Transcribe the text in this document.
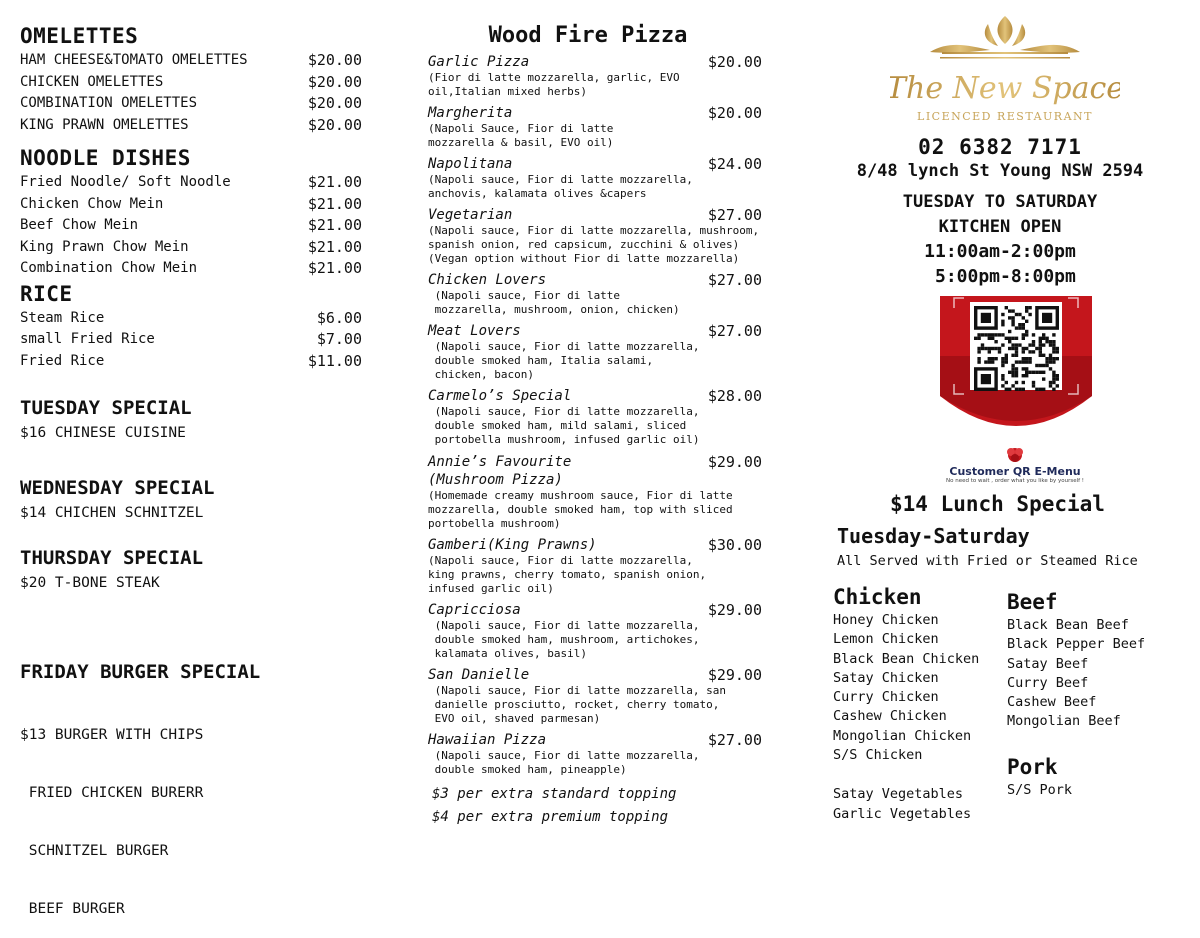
OMELETTES
HAM CHEESE&TOMATO OMELETTES	$20.00
CHICKEN OMELETTES	$20.00
COMBINATION OMELETTES	$20.00
KING PRAWN OMELETTES	$20.00
NOODLE DISHES
Fried Noodle/ Soft Noodle	$21.00
Chicken Chow Mein	$21.00
Beef Chow Mein	$21.00
King Prawn Chow Mein	$21.00
Combination Chow Mein	$21.00
RICE
Steam Rice	$6.00
small Fried Rice	$7.00
Fried Rice	$11.00
TUESDAY SPECIAL
$16 CHINESE CUISINE
WEDNESDAY SPECIAL
$14 CHICHEN SCHNITZEL
THURSDAY SPECIAL
$20 T-BONE STEAK

FRIDAY BURGER SPECIAL

$13 BURGER WITH CHIPS

FRIED CHICKEN BURERR

SCHNITZEL BURGER

BEEF BURGER

Wood Fire Pizza
Garlic Pizza	$20.00
(Fior di latte mozzarella, garlic, EVO
oil,Italian mixed herbs)
Margherita	$20.00
(Napoli Sauce, Fior di latte
mozzarella & basil, EVO oil)
Napolitana	$24.00
(Napoli sauce, Fior di latte mozzarella,
anchovis, kalamata olives &capers
Vegetarian	$27.00
(Napoli sauce, Fior di latte mozzarella, mushroom,
spanish onion, red capsicum, zucchini & olives)
(Vegan option without Fior di latte mozzarella)
Chicken Lovers	$27.00
(Napoli sauce, Fior di latte
mozzarella, mushroom, onion, chicken)
Meat Lovers	$27.00
(Napoli sauce, Fior di latte mozzarella,
double smoked ham, Italia salami,
chicken, bacon)
Carmelo’s Special	$28.00
(Napoli sauce, Fior di latte mozzarella,
double smoked ham, mild salami, sliced
portobella mushroom, infused garlic oil)
Annie’s Favourite
(Mushroom Pizza)
$29.00
(Homemade creamy mushroom sauce, Fior di latte
mozzarella, double smoked ham, top with sliced
portobella mushroom)
Gamberi(King Prawns)	$30.00
(Napoli sauce, Fior di latte mozzarella,
king prawns, cherry tomato, spanish onion,
infused garlic oil)
Capricciosa	$29.00
(Napoli sauce, Fior di latte mozzarella,
double smoked ham, mushroom, artichokes,
kalamata olives, basil)
San Danielle	$29.00
(Napoli sauce, Fior di latte mozzarella, san
danielle prosciutto, rocket, cherry tomato,
EVO oil, shaved parmesan)
Hawaiian Pizza	$27.00
(Napoli sauce, Fior di latte mozzarella,
double smoked ham, pineapple)
$3 per extra standard topping
$4 per extra premium topping
The New Space
LICENCED RESTAURANT
02 6382 7171
8/48 lynch St Young NSW 2594
TUESDAY TO SATURDAY
KITCHEN OPEN
11:00am-2:00pm
5:00pm-8:00pm
Customer QR E-Menu
No need to wait , order what you like by yourself !
$14 Lunch Special
Tuesday-Saturday
All Served with Fried or Steamed Rice
Chicken
Honey Chicken
Lemon Chicken
Black Bean Chicken
Satay Chicken
Curry Chicken
Cashew Chicken
Mongolian Chicken
S/S Chicken
Satay Vegetables
Garlic Vegetables
Beef
Black Bean Beef
Black Pepper Beef
Satay Beef
Curry Beef
Cashew Beef
Mongolian Beef
Pork
S/S Pork
